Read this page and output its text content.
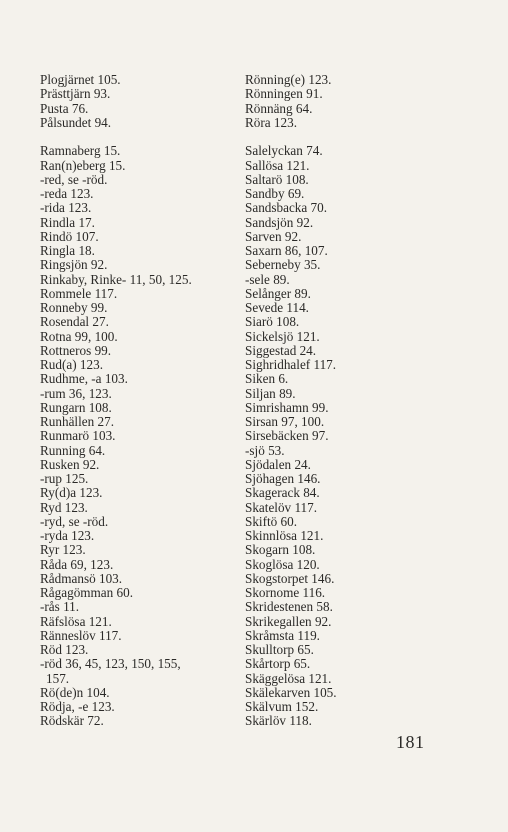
Plogjärnet 105.
Prästtjärn 93.
Pusta 76.
Pålsundet 94.
Ramnaberg 15.
Ran(n)eberg 15.
-red, se -röd.
-reda 123.
-rida 123.
Rindla 17.
Rindö 107.
Ringla 18.
Ringsjön 92.
Rinkaby, Rinke- 11, 50, 125.
Rommele 117.
Ronneby 99.
Rosendal 27.
Rotna 99, 100.
Rottneros 99.
Rud(a) 123.
Rudhme, -a 103.
-rum 36, 123.
Rungarn 108.
Runhällen 27.
Runmarö 103.
Running 64.
Rusken 92.
-rup 125.
Ry(d)a 123.
Ryd 123.
-ryd, se -röd.
-ryda 123.
Ryr 123.
Råda 69, 123.
Rådmansö 103.
Rågagömman 60.
-rås 11.
Räfslösa 121.
Ränneslöv 117.
Röd 123.
-röd 36, 45, 123, 150, 155,
157.
Rö(de)n 104.
Rödja, -e 123.
Rödskär 72.
Rönning(e) 123.
Rönningen 91.
Rönnäng 64.
Röra 123.
Salelyckan 74.
Sallösa 121.
Saltarö 108.
Sandby 69.
Sandsbacka 70.
Sandsjön 92.
Sarven 92.
Saxarn 86, 107.
Seberneby 35.
-sele 89.
Selånger 89.
Sevede 114.
Siarö 108.
Sickelsjö 121.
Siggestad 24.
Sighridhalef 117.
Siken 6.
Siljan 89.
Simrishamn 99.
Sirsan 97, 100.
Sirsebäcken 97.
-sjö 53.
Sjödalen 24.
Sjöhagen 146.
Skagerack 84.
Skatelöv 117.
Skiftö 60.
Skinnlösa 121.
Skogarn 108.
Skoglösa 120.
Skogstorpet 146.
Skornome 116.
Skridestenen 58.
Skrikegallen 92.
Skråmsta 119.
Skulltorp 65.
Skårtorp 65.
Skäggelösa 121.
Skälekarven 105.
Skälvum 152.
Skärlöv 118.
181
